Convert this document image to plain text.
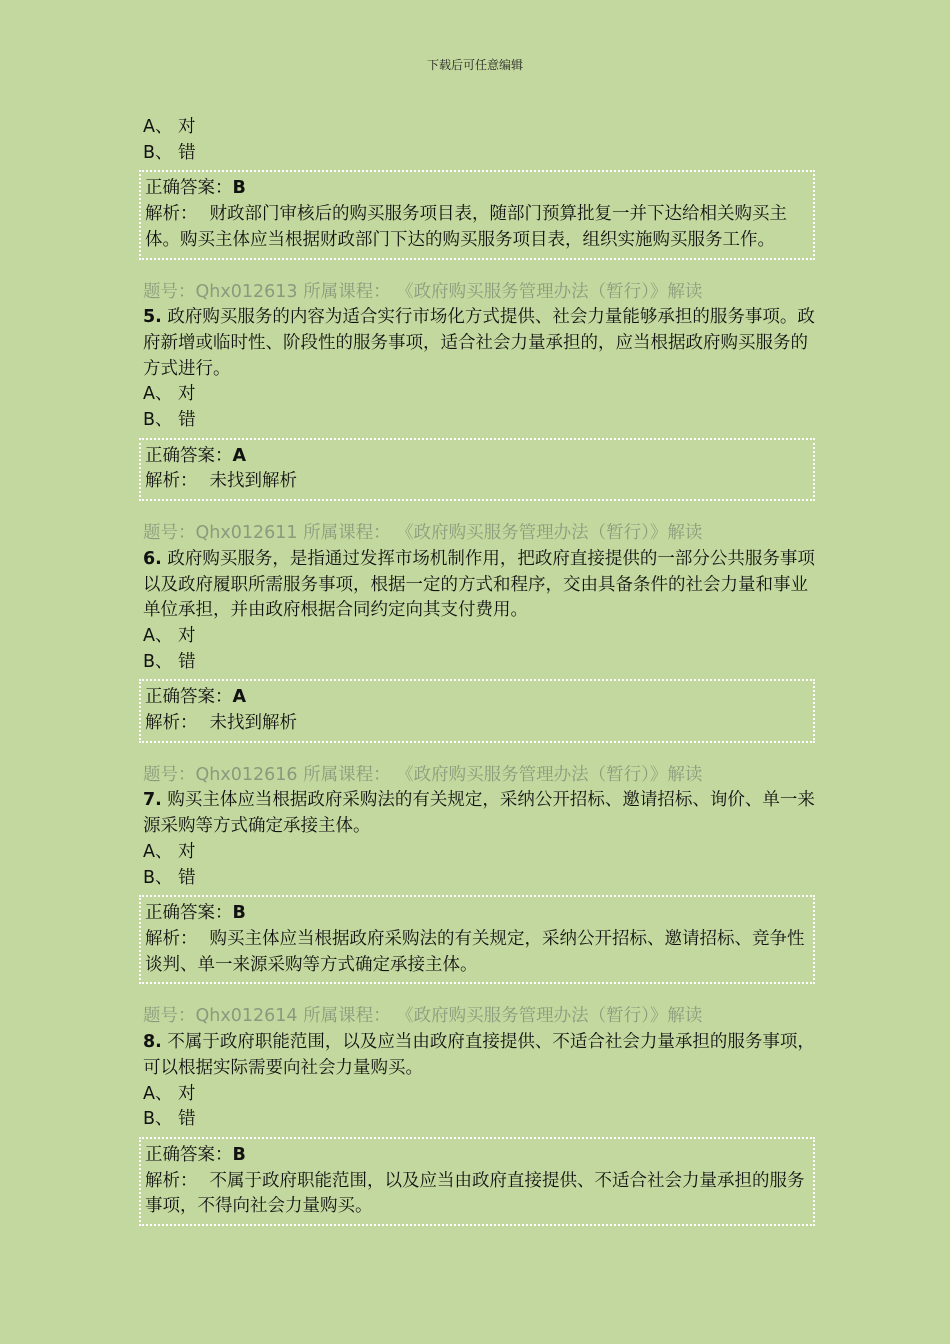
下载后可任意编辑
A、 对
B、 错
正确答案：B
解析： 财政部门审核后的购买服务项目表，随部门预算批复一并下达给相关购买主体。购买主体应当根据财政部门下达的购买服务项目表，组织实施购买服务工作。
题号：Qhx012613 所属课程： 《政府购买服务管理办法（暂行）》解读
5. 政府购买服务的内容为适合实行市场化方式提供、社会力量能够承担的服务事项。政府新增或临时性、阶段性的服务事项，适合社会力量承担的，应当根据政府购买服务的方式进行。
A、 对
B、 错
正确答案：A
解析： 未找到解析
题号：Qhx012611 所属课程： 《政府购买服务管理办法（暂行）》解读
6. 政府购买服务，是指通过发挥市场机制作用，把政府直接提供的一部分公共服务事项以及政府履职所需服务事项，根据一定的方式和程序，交由具备条件的社会力量和事业单位承担，并由政府根据合同约定向其支付费用。
A、 对
B、 错
正确答案：A
解析： 未找到解析
题号：Qhx012616 所属课程： 《政府购买服务管理办法（暂行）》解读
7. 购买主体应当根据政府采购法的有关规定，采纳公开招标、邀请招标、询价、单一来源采购等方式确定承接主体。
A、 对
B、 错
正确答案：B
解析： 购买主体应当根据政府采购法的有关规定，采纳公开招标、邀请招标、竞争性谈判、单一来源采购等方式确定承接主体。
题号：Qhx012614 所属课程： 《政府购买服务管理办法（暂行）》解读
8. 不属于政府职能范围，以及应当由政府直接提供、不适合社会力量承担的服务事项，可以根据实际需要向社会力量购买。
A、 对
B、 错
正确答案：B
解析： 不属于政府职能范围，以及应当由政府直接提供、不适合社会力量承担的服务事项，不得向社会力量购买。
